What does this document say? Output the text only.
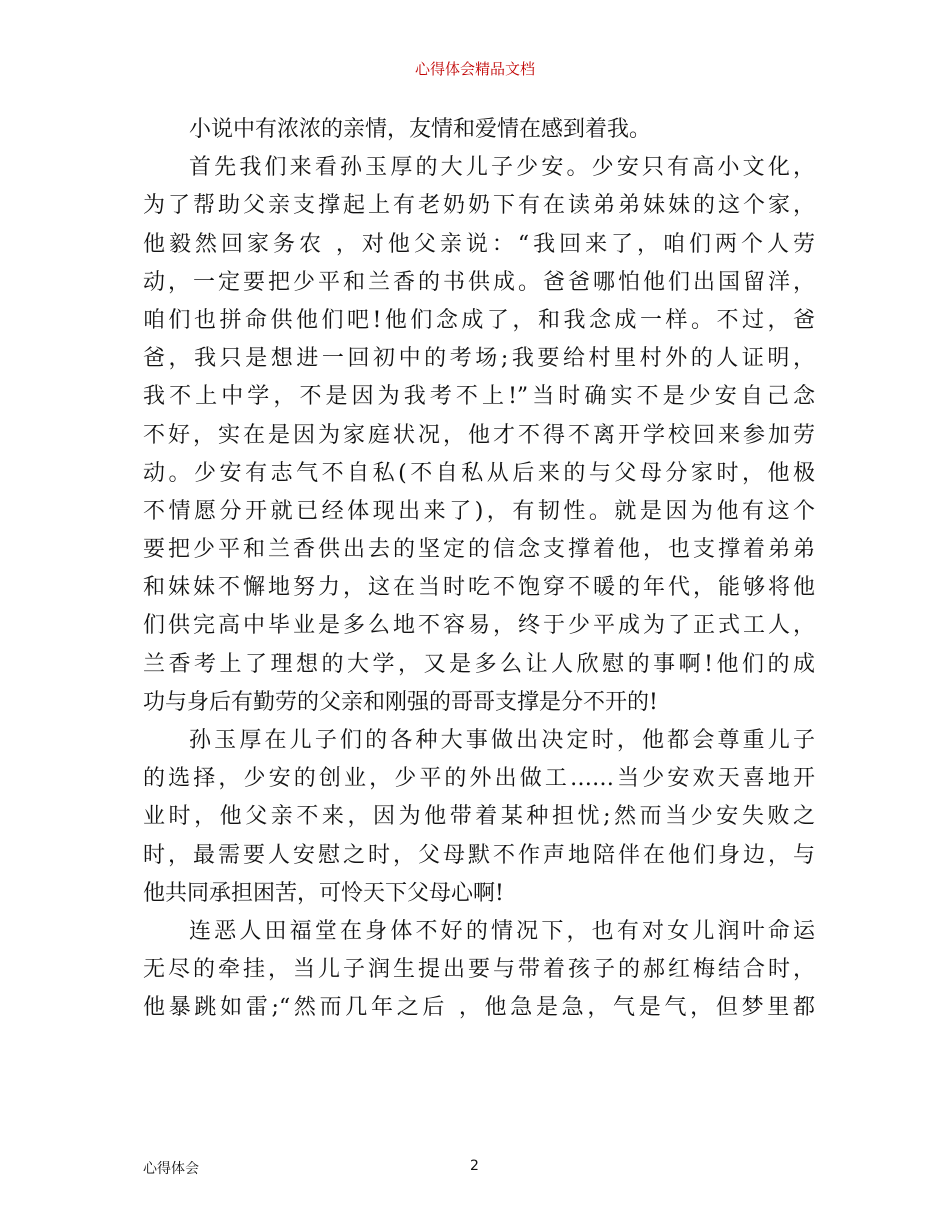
心得体会精品文档
小说中有浓浓的亲情，友情和爱情在感到着我。
首先我们来看孙玉厚的大儿子少安。少安只有高小文化，
为了帮助父亲支撑起上有老奶奶下有在读弟弟妹妹的这个家，
他毅然回家务农 ，对他父亲说：“我回来了，咱们两个人劳
动，一定要把少平和兰香的书供成。爸爸哪怕他们出国留洋，
咱们也拼命供他们吧!他们念成了，和我念成一样。不过，爸
爸，我只是想进一回初中的考场;我要给村里村外的人证明，
我不上中学，不是因为我考不上!”当时确实不是少安自己念
不好，实在是因为家庭状况，他才不得不离开学校回来参加劳
动。少安有志气不自私(不自私从后来的与父母分家时，他极
不情愿分开就已经体现出来了)，有韧性。就是因为他有这个
要把少平和兰香供出去的坚定的信念支撑着他，也支撑着弟弟
和妹妹不懈地努力，这在当时吃不饱穿不暖的年代，能够将他
们供完高中毕业是多么地不容易，终于少平成为了正式工人，
兰香考上了理想的大学，又是多么让人欣慰的事啊!他们的成
功与身后有勤劳的父亲和刚强的哥哥支撑是分不开的!
孙玉厚在儿子们的各种大事做出决定时，他都会尊重儿子
的选择，少安的创业，少平的外出做工……当少安欢天喜地开
业时，他父亲不来，因为他带着某种担忧;然而当少安失败之
时，最需要人安慰之时，父母默不作声地陪伴在他们身边，与
他共同承担困苦，可怜天下父母心啊!
连恶人田福堂在身体不好的情况下，也有对女儿润叶命运
无尽的牵挂，当儿子润生提出要与带着孩子的郝红梅结合时，
他暴跳如雷;“然而几年之后 ，他急是急，气是气，但梦里都
心得体会	2
